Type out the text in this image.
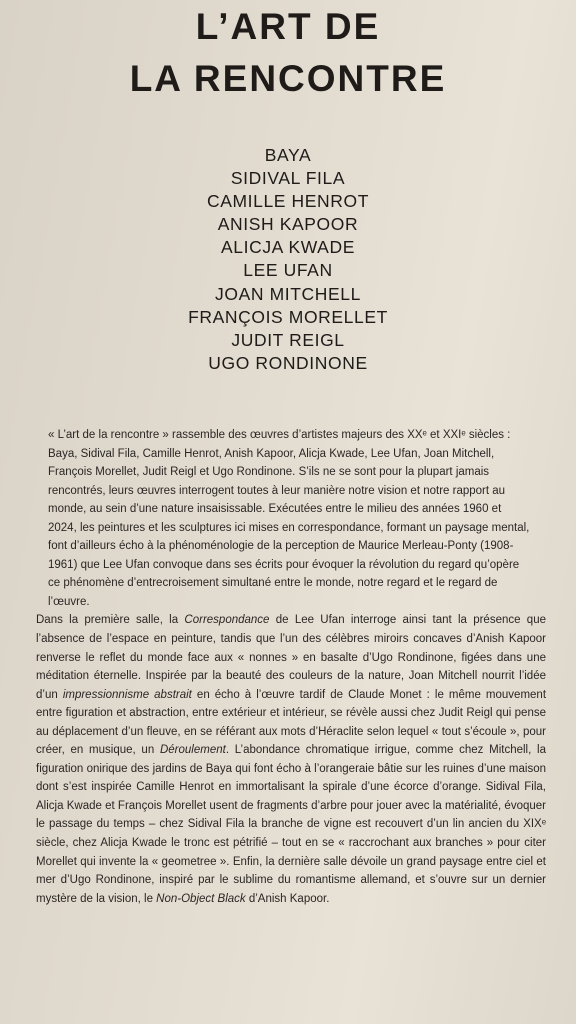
L’ART DE
LA RENCONTRE
BAYA
SIDIVAL FILA
CAMILLE HENROT
ANISH KAPOOR
ALICJA KWADE
LEE UFAN
JOAN MITCHELL
FRANÇOIS MORELLET
JUDIT REIGL
UGO RONDINONE

« L’art de la rencontre » rassemble des œuvres d’artistes majeurs des XXᵉ et XXIᵉ siècles : Baya, Sidival Fila, Camille Henrot, Anish Kapoor, Alicja Kwade, Lee Ufan, Joan Mitchell, François Morellet, Judit Reigl et Ugo Rondinone. S’ils ne se sont pour la plupart jamais rencontrés, leurs œuvres interrogent toutes à leur manière notre vision et notre rapport au monde, au sein d’une nature insaisissable. Exécutées entre le milieu des années 1960 et 2024, les peintures et les sculptures ici mises en correspondance, formant un paysage mental, font d’ailleurs écho à la phénoménologie de la perception de Maurice Merleau-Ponty (1908-1961) que Lee Ufan convoque dans ses écrits pour évoquer la révolution du regard qu’opère ce phénomène d’entrecroisement simultané entre le monde, notre regard et le regard de l’œuvre.

Dans la première salle, la Correspondance de Lee Ufan interroge ainsi tant la présence que l’absence de l’espace en peinture, tandis que l’un des célèbres miroirs concaves d’Anish Kapoor renverse le reflet du monde face aux « nonnes » en basalte d’Ugo Rondinone, figées dans une méditation éternelle. Inspirée par la beauté des couleurs de la nature, Joan Mitchell nourrit l’idée d’un impressionnisme abstrait en écho à l’œuvre tardif de Claude Monet : le même mouvement entre figuration et abstraction, entre extérieur et intérieur, se révèle aussi chez Judit Reigl qui pense au déplacement d’un fleuve, en se référant aux mots d’Héraclite selon lequel « tout s’écoule », pour créer, en musique, un Déroulement. L’abondance chromatique irrigue, comme chez Mitchell, la figuration onirique des jardins de Baya qui font écho à l’orangeraie bâtie sur les ruines d’une maison dont s’est inspirée Camille Henrot en immortalisant la spirale d’une écorce d’orange. Sidival Fila, Alicja Kwade et François Morellet usent de fragments d’arbre pour jouer avec la matérialité, évoquer le passage du temps – chez Sidival Fila la branche de vigne est recouvert d’un lin ancien du XIXᵉ siècle, chez Alicja Kwade le tronc est pétrifié – tout en se « raccrochant aux branches » pour citer Morellet qui invente la « geometree ». Enfin, la dernière salle dévoile un grand paysage entre ciel et mer d’Ugo Rondinone, inspiré par le sublime du romantisme allemand, et s’ouvre sur un dernier mystère de la vision, le Non-Object Black d’Anish Kapoor.
